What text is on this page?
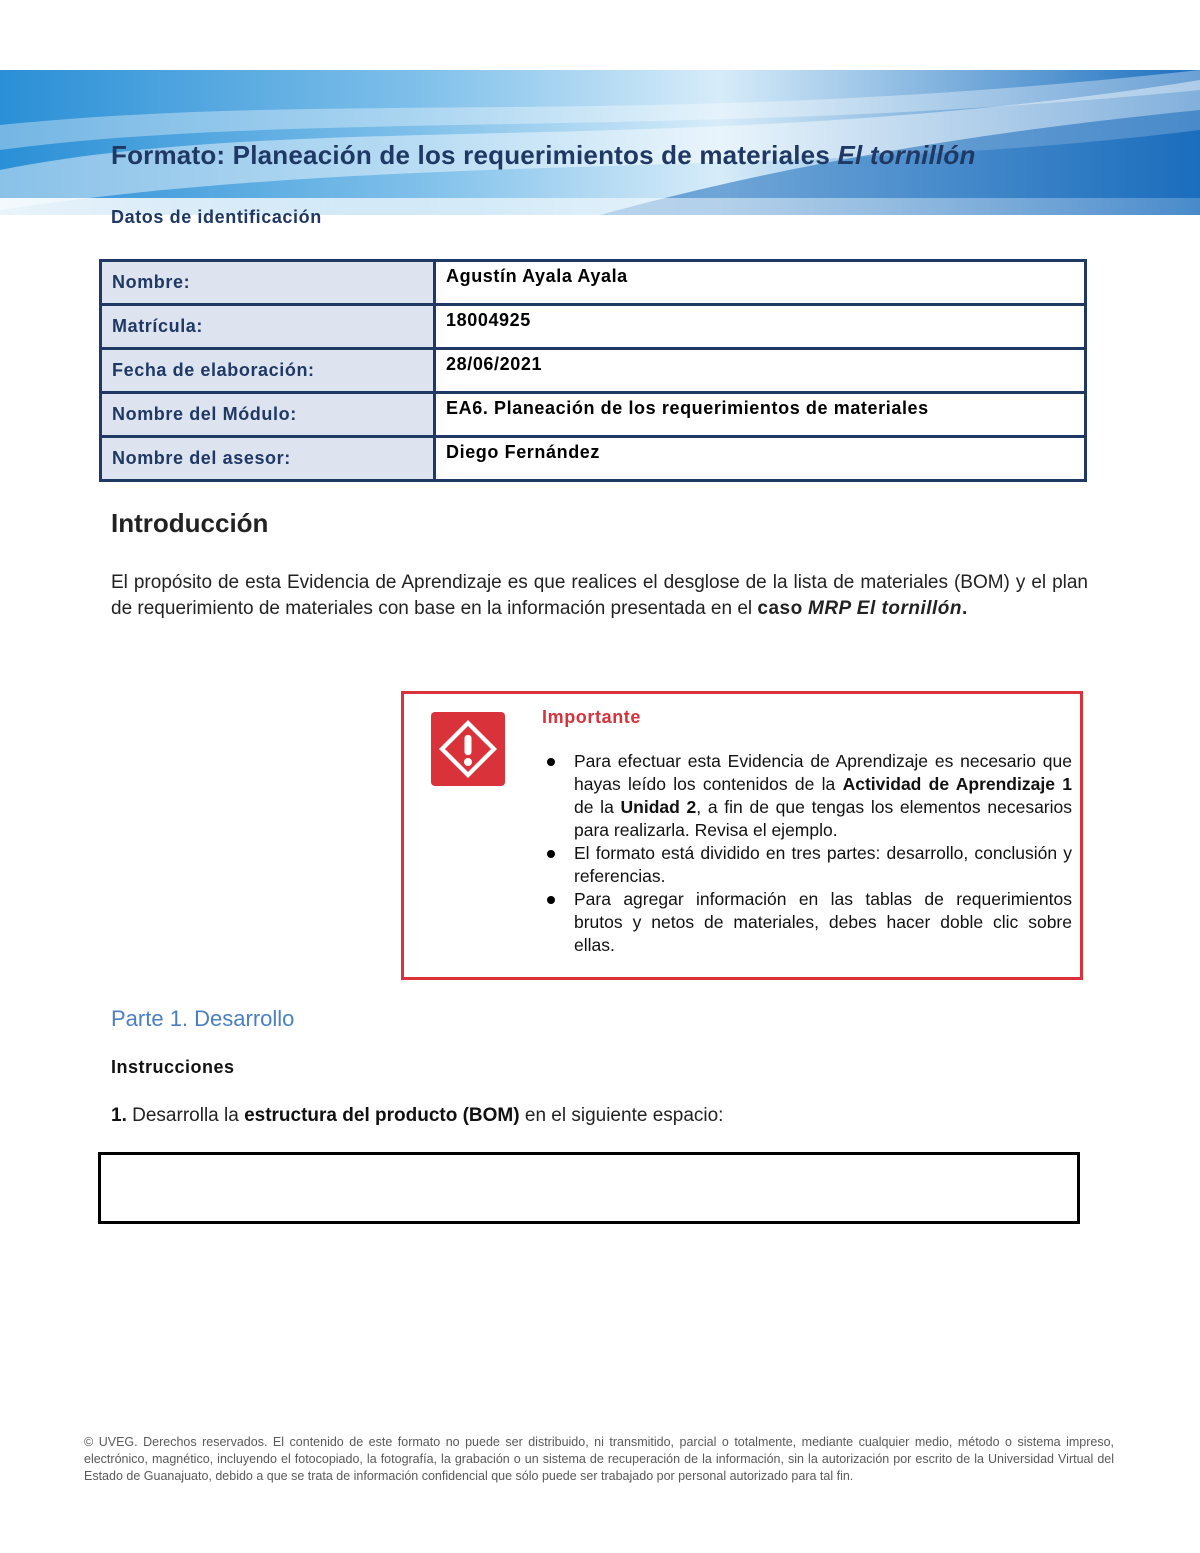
Formato: Planeación de los requerimientos de materiales El tornillón
Datos de identificación
Nombre:	Agustín Ayala Ayala
Matrícula:	18004925
Fecha de elaboración:	28/06/2021
Nombre del Módulo:	EA6. Planeación de los requerimientos de materiales
Nombre del asesor:	Diego Fernández
Introducción

El propósito de esta Evidencia de Aprendizaje es que realices el desglose de la lista de materiales (BOM) y el plan de requerimiento de materiales con base en la información presentada en el caso MRP El tornillón.

Importante
Para efectuar esta Evidencia de Aprendizaje es necesario que hayas leído los contenidos de la Actividad de Aprendizaje 1 de la Unidad 2, a fin de que tengas los elementos necesarios para realizarla. Revisa el ejemplo.
El formato está dividido en tres partes: desarrollo, conclusión y referencias.
Para agregar información en las tablas de requerimientos brutos y netos de materiales, debes hacer doble clic sobre ellas.
Parte 1. Desarrollo
Instrucciones

1. Desarrolla la estructura del producto (BOM) en el siguiente espacio:

© UVEG. Derechos reservados. El contenido de este formato no puede ser distribuido, ni transmitido, parcial o totalmente, mediante cualquier medio, método o sistema impreso, electrónico, magnético, incluyendo el fotocopiado, la fotografía, la grabación o un sistema de recuperación de la información, sin la autorización por escrito de la Universidad Virtual del Estado de Guanajuato, debido a que se trata de información confidencial que sólo puede ser trabajado por personal autorizado para tal fin.
